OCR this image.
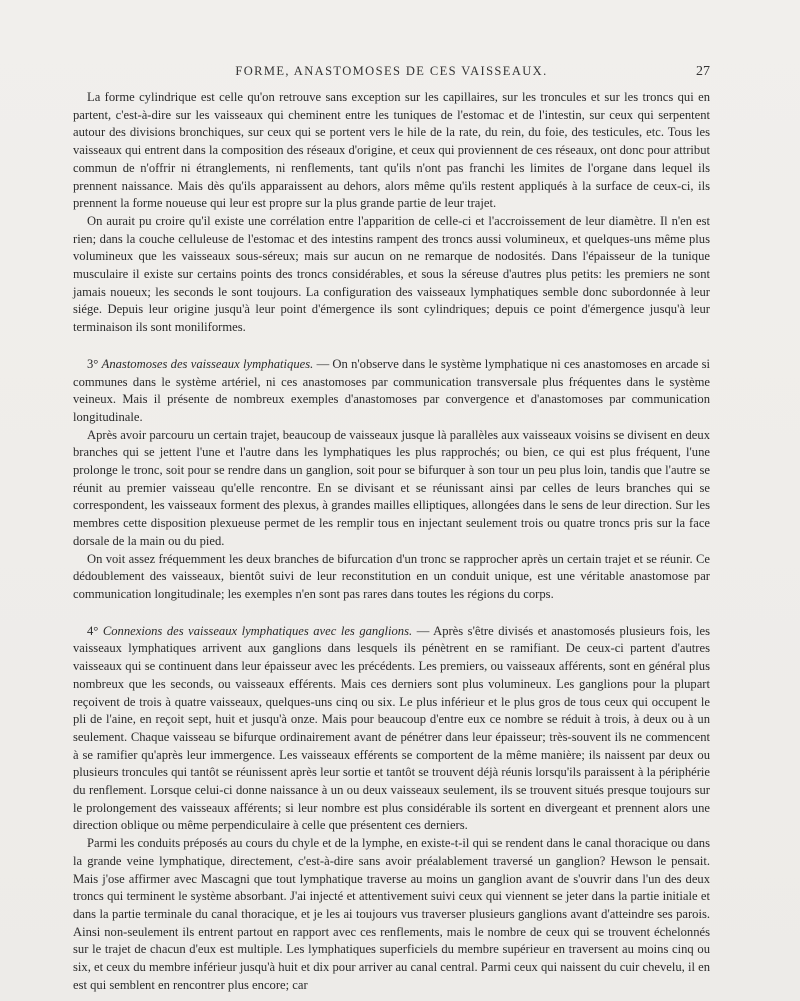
FORME, ANASTOMOSES DE CES VAISSEAUX.	27

La forme cylindrique est celle qu'on retrouve sans exception sur les capillaires, sur les troncules et sur les troncs qui en partent, c'est-à-dire sur les vaisseaux qui cheminent entre les tuniques de l'estomac et de l'intestin, sur ceux qui serpentent autour des divisions bronchiques, sur ceux qui se portent vers le hile de la rate, du rein, du foie, des testicules, etc. Tous les vaisseaux qui entrent dans la composition des réseaux d'origine, et ceux qui proviennent de ces réseaux, ont donc pour attribut commun de n'offrir ni étranglements, ni renflements, tant qu'ils n'ont pas franchi les limites de l'organe dans lequel ils prennent naissance. Mais dès qu'ils apparaissent au dehors, alors même qu'ils restent appliqués à la surface de ceux-ci, ils prennent la forme noueuse qui leur est propre sur la plus grande partie de leur trajet.

On aurait pu croire qu'il existe une corrélation entre l'apparition de celle-ci et l'accroissement de leur diamètre. Il n'en est rien; dans la couche celluleuse de l'estomac et des intestins rampent des troncs aussi volumineux, et quelques-uns même plus volumineux que les vaisseaux sous-séreux; mais sur aucun on ne remarque de nodosités. Dans l'épaisseur de la tunique musculaire il existe sur certains points des troncs considérables, et sous la séreuse d'autres plus petits: les premiers ne sont jamais noueux; les seconds le sont toujours. La configuration des vaisseaux lymphatiques semble donc subordonnée à leur siége. Depuis leur origine jusqu'à leur point d'émergence ils sont cylindriques; depuis ce point d'émergence jusqu'à leur terminaison ils sont moniliformes.

3° Anastomoses des vaisseaux lymphatiques. — On n'observe dans le système lymphatique ni ces anastomoses en arcade si communes dans le système artériel, ni ces anastomoses par communication transversale plus fréquentes dans le système veineux. Mais il présente de nombreux exemples d'anastomoses par convergence et d'anastomoses par communication longitudinale.

Après avoir parcouru un certain trajet, beaucoup de vaisseaux jusque là parallèles aux vaisseaux voisins se divisent en deux branches qui se jettent l'une et l'autre dans les lymphatiques les plus rapprochés; ou bien, ce qui est plus fréquent, l'une prolonge le tronc, soit pour se rendre dans un ganglion, soit pour se bifurquer à son tour un peu plus loin, tandis que l'autre se réunit au premier vaisseau qu'elle rencontre. En se divisant et se réunissant ainsi par celles de leurs branches qui se correspondent, les vaisseaux forment des plexus, à grandes mailles elliptiques, allongées dans le sens de leur direction. Sur les membres cette disposition plexueuse permet de les remplir tous en injectant seulement trois ou quatre troncs pris sur la face dorsale de la main ou du pied.

On voit assez fréquemment les deux branches de bifurcation d'un tronc se rapprocher après un certain trajet et se réunir. Ce dédoublement des vaisseaux, bientôt suivi de leur reconstitution en un conduit unique, est une véritable anastomose par communication longitudinale; les exemples n'en sont pas rares dans toutes les régions du corps.

4° Connexions des vaisseaux lymphatiques avec les ganglions. — Après s'être divisés et anastomosés plusieurs fois, les vaisseaux lymphatiques arrivent aux ganglions dans lesquels ils pénètrent en se ramifiant. De ceux-ci partent d'autres vaisseaux qui se continuent dans leur épaisseur avec les précédents. Les premiers, ou vaisseaux afférents, sont en général plus nombreux que les seconds, ou vaisseaux efférents. Mais ces derniers sont plus volumineux. Les ganglions pour la plupart reçoivent de trois à quatre vaisseaux, quelques-uns cinq ou six. Le plus inférieur et le plus gros de tous ceux qui occupent le pli de l'aine, en reçoit sept, huit et jusqu'à onze. Mais pour beaucoup d'entre eux ce nombre se réduit à trois, à deux ou à un seulement. Chaque vaisseau se bifurque ordinairement avant de pénétrer dans leur épaisseur; très-souvent ils ne commencent à se ramifier qu'après leur immergence. Les vaisseaux efférents se comportent de la même manière; ils naissent par deux ou plusieurs troncules qui tantôt se réunissent après leur sortie et tantôt se trouvent déjà réunis lorsqu'ils paraissent à la périphérie du renflement. Lorsque celui-ci donne naissance à un ou deux vaisseaux seulement, ils se trouvent situés presque toujours sur le prolongement des vaisseaux afférents; si leur nombre est plus considérable ils sortent en divergeant et prennent alors une direction oblique ou même perpendiculaire à celle que présentent ces derniers.

Parmi les conduits préposés au cours du chyle et de la lymphe, en existe-t-il qui se rendent dans le canal thoracique ou dans la grande veine lymphatique, directement, c'est-à-dire sans avoir préalablement traversé un ganglion? Hewson le pensait. Mais j'ose affirmer avec Mascagni que tout lymphatique traverse au moins un ganglion avant de s'ouvrir dans l'un des deux troncs qui terminent le système absorbant. J'ai injecté et attentivement suivi ceux qui viennent se jeter dans la partie initiale et dans la partie terminale du canal thoracique, et je les ai toujours vus traverser plusieurs ganglions avant d'atteindre ses parois. Ainsi non-seulement ils entrent partout en rapport avec ces renflements, mais le nombre de ceux qui se trouvent échelonnés sur le trajet de chacun d'eux est multiple. Les lymphatiques superficiels du membre supérieur en traversent au moins cinq ou six, et ceux du membre inférieur jusqu'à huit et dix pour arriver au canal central. Parmi ceux qui naissent du cuir chevelu, il en est qui semblent en rencontrer plus encore; car
